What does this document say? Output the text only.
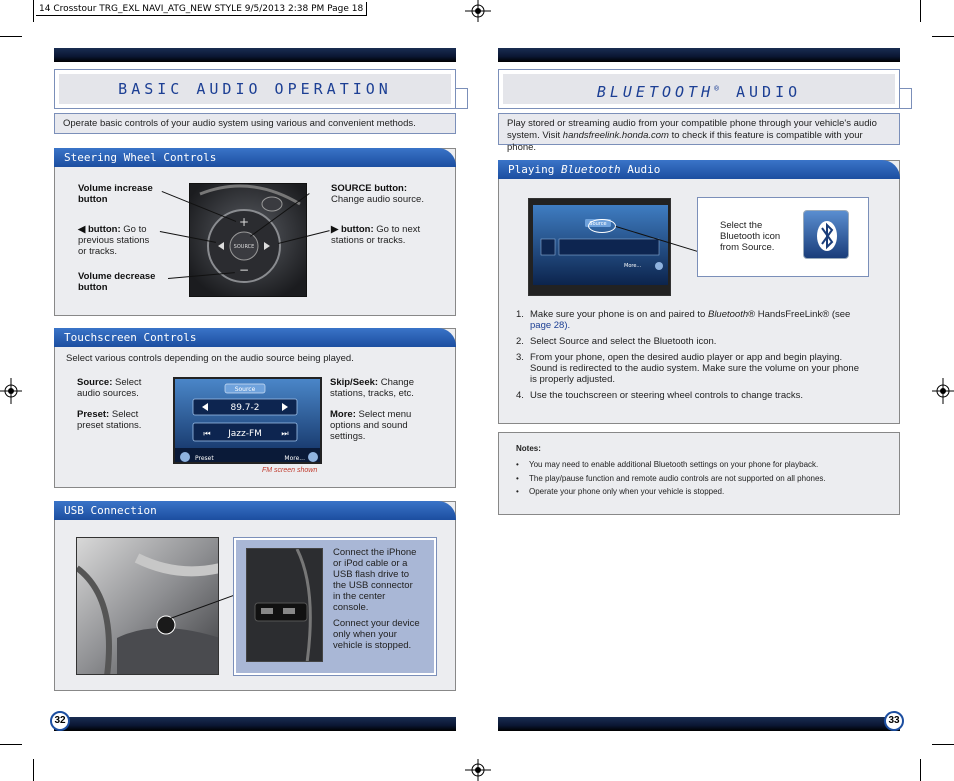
14 Crosstour TRG_EXL NAVI_ATG_NEW STYLE 9/5/2013 2:38 PM Page 18
BASIC AUDIO OPERATION
Operate basic controls of your audio system using various and convenient methods.
Steering Wheel Controls
Volume increase
button
◀ button: Go to
previous stations
or tracks.
Volume decrease
button
SOURCE button:
Change audio source.
▶ button: Go to next
stations or tracks.
SOURCE
+
−
Touchscreen Controls
Select various controls depending on the audio source being played.
Source: Select
audio sources.
Preset: Select
preset stations.
Skip/Seek: Change
stations, tracks, etc.
More: Select menu
options and sound
settings.
Source
89.7-2
Jazz-FM
⏮	⏭
Preset	More...
FM screen shown
USB Connection
Connect the iPhone
or iPod cable or a
USB flash drive to
the USB connector
in the center
console.
Connect your device
only when your
vehicle is stopped.
32
BLUETOOTH® AUDIO
Play stored or streaming audio from your compatible phone through your vehicle's audio
system. Visit handsfreelink.honda.com to check if this feature is compatible with your phone.
Playing Bluetooth Audio
Source
More...
Select the
Bluetooth icon
from Source.
1. Make sure your phone is on and paired to Bluetooth® HandsFreeLink® (see
page 28).
2. Select Source and select the Bluetooth icon.
3. From your phone, open the desired audio player or app and begin playing.
Sound is redirected to the audio system. Make sure the volume on your phone
is properly adjusted.
4. Use the touchscreen or steering wheel controls to change tracks.
Notes:
•	You may need to enable additional Bluetooth settings on your phone for playback.
•	The play/pause function and remote audio controls are not supported on all phones.
•	Operate your phone only when your vehicle is stopped.
33
